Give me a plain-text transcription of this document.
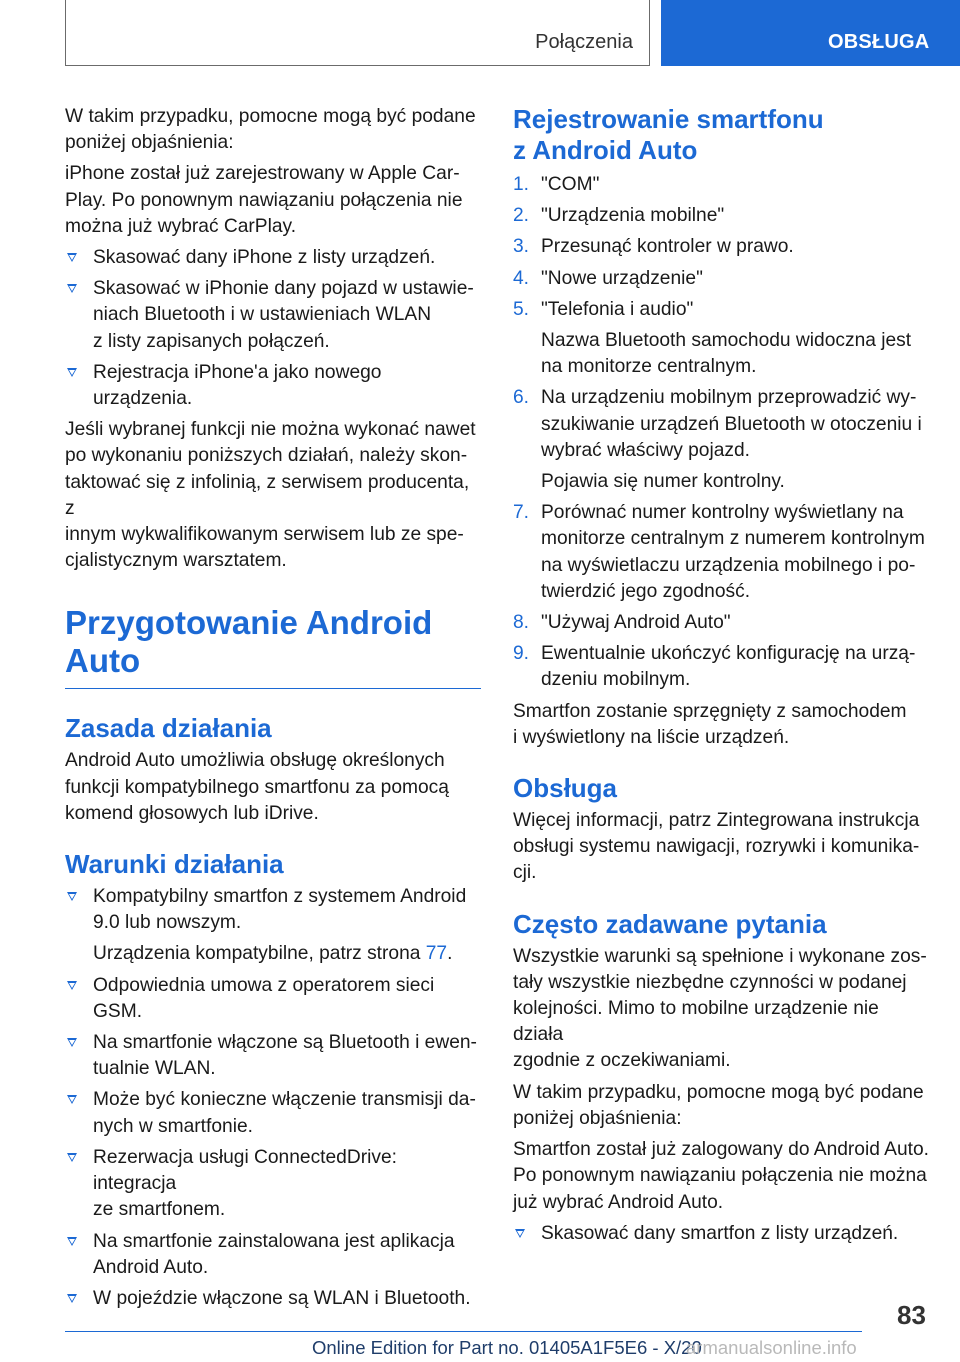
Połączenia	OBSŁUGA

W takim przypadku, pomocne mogą być podane
poniżej objaśnienia:

iPhone został już zarejestrowany w Apple Car-
Play. Po ponownym nawiązaniu połączenia nie
można już wybrać CarPlay.

Skasować dany iPhone z listy urządzeń.

Skasować w iPhonie dany pojazd w ustawie-
niach Bluetooth i w ustawieniach WLAN
z listy zapisanych połączeń.

Rejestracja iPhone'a jako nowego urządzenia.

Jeśli wybranej funkcji nie można wykonać nawet
po wykonaniu poniższych działań, należy skon-
taktować się z infolinią, z serwisem producenta, z
innym wykwalifikowanym serwisem lub ze spe-
cjalistycznym warsztatem.

Przygotowanie Android
Auto
Zasada działania

Android Auto umożliwia obsługę określonych
funkcji kompatybilnego smartfonu za pomocą
komend głosowych lub iDrive.

Warunki działania

Kompatybilny smartfon z systemem Android
9.0 lub nowszym.

Urządzenia kompatybilne, patrz strona 77.

Odpowiednia umowa z operatorem sieci
GSM.

Na smartfonie włączone są Bluetooth i ewen-
tualnie WLAN.

Może być konieczne włączenie transmisji da-
nych w smartfonie.

Rezerwacja usługi ConnectedDrive: integracja
ze smartfonem.

Na smartfonie zainstalowana jest aplikacja
Android Auto.

W pojeździe włączone są WLAN i Bluetooth.

Rejestrowanie smartfonu
z Android Auto
1. "COM"

2. "Urządzenia mobilne"

3. Przesunąć kontroler w prawo.

4. "Nowe urządzenie"

5. "Telefonia i audio"

Nazwa Bluetooth samochodu widoczna jest
na monitorze centralnym.

6. Na urządzeniu mobilnym przeprowadzić wy-
szukiwanie urządzeń Bluetooth w otoczeniu i
wybrać właściwy pojazd.

Pojawia się numer kontrolny.

7. Porównać numer kontrolny wyświetlany na
monitorze centralnym z numerem kontrolnym
na wyświetlaczu urządzenia mobilnego i po-
twierdzić jego zgodność.

8. "Używaj Android Auto"

9. Ewentualnie ukończyć konfigurację na urzą-
dzeniu mobilnym.

Smartfon zostanie sprzęgnięty z samochodem
i wyświetlony na liście urządzeń.

Obsługa

Więcej informacji, patrz Zintegrowana instrukcja
obsługi systemu nawigacji, rozrywki i komunika-
cji.

Często zadawane pytania

Wszystkie warunki są spełnione i wykonane zos-
tały wszystkie niezbędne czynności w podanej
kolejności. Mimo to mobilne urządzenie nie działa
zgodnie z oczekiwaniami.

W takim przypadku, pomocne mogą być podane
poniżej objaśnienia:

Smartfon został już zalogowany do Android Auto.
Po ponownym nawiązaniu połączenia nie można
już wybrać Android Auto.

Skasować dany smartfon z listy urządzeń.

83
Online Edition for Part no. 01405A1F5E6 - X/20
armanualsonline.info
